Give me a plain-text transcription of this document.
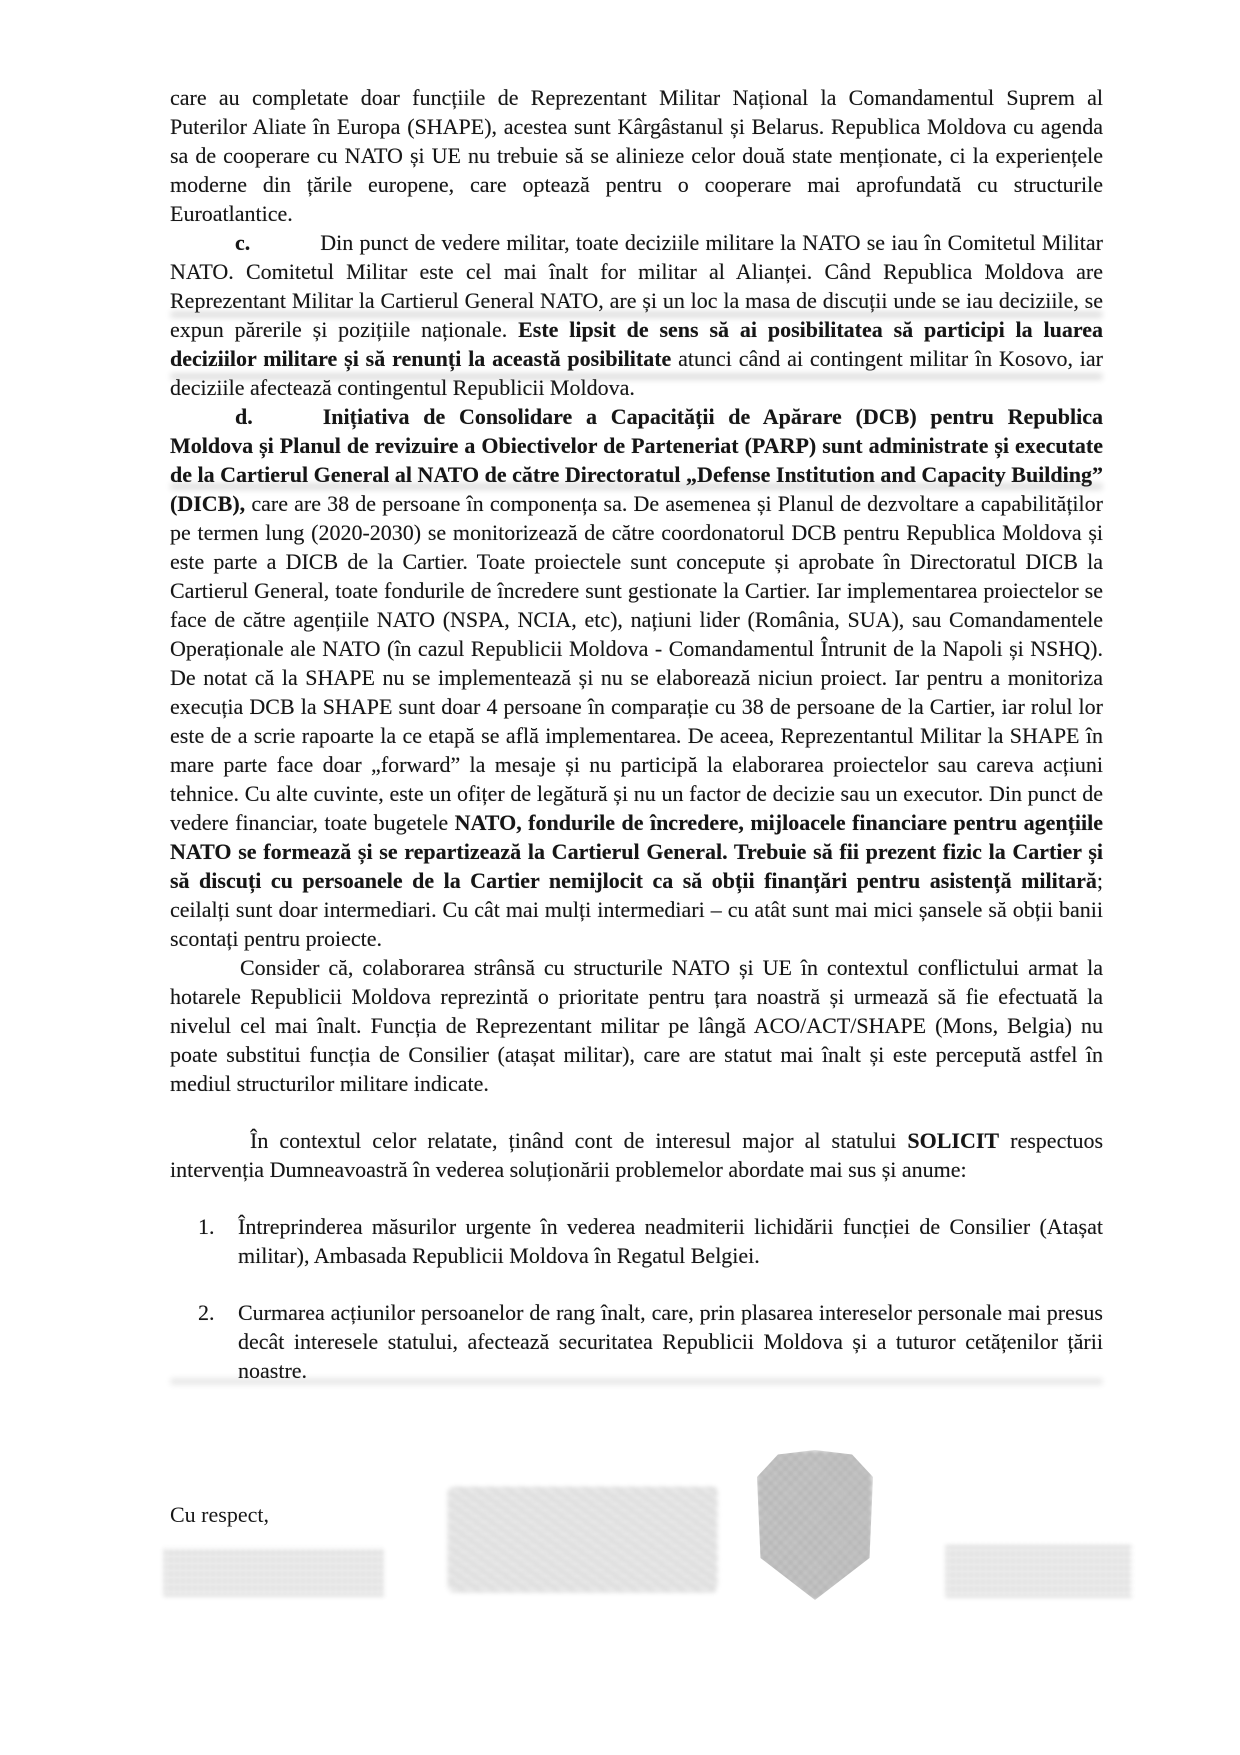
care au completate doar funcțiile de Reprezentant Militar Național la Comandamentul Suprem al Puterilor Aliate în Europa (SHAPE), acestea sunt Kârgâstanul și Belarus. Republica Moldova cu agenda sa de cooperare cu NATO și UE nu trebuie să se alinieze celor două state menționate, ci la experiențele moderne din țările europene, care optează pentru o cooperare mai aprofundată cu structurile Euroatlantice.
c.	Din punct de vedere militar, toate deciziile militare la NATO se iau în Comitetul Militar NATO. Comitetul Militar este cel mai înalt for militar al Alianței. Când Republica Moldova are Reprezentant Militar la Cartierul General NATO, are și un loc la masa de discuții unde se iau deciziile, se expun părerile și pozițiile naționale. Este lipsit de sens să ai posibilitatea să participi la luarea deciziilor militare și să renunți la această posibilitate atunci când ai contingent militar în Kosovo, iar deciziile afectează contingentul Republicii Moldova.
d.	Inițiativa de Consolidare a Capacității de Apărare (DCB) pentru Republica Moldova și Planul de revizuire a Obiectivelor de Parteneriat (PARP) sunt administrate și executate de la Cartierul General al NATO de către Directoratul „Defense Institution and Capacity Building” (DICB), care are 38 de persoane în componența sa. De asemenea și Planul de dezvoltare a capabilităților pe termen lung (2020-2030) se monitorizează de către coordonatorul DCB pentru Republica Moldova și este parte a DICB de la Cartier. Toate proiectele sunt concepute și aprobate în Directoratul DICB la Cartierul General, toate fondurile de încredere sunt gestionate la Cartier. Iar implementarea proiectelor se face de către agențiile NATO (NSPA, NCIA, etc), națiuni lider (România, SUA), sau Comandamentele Operaționale ale NATO (în cazul Republicii Moldova - Comandamentul Întrunit de la Napoli și NSHQ). De notat că la SHAPE nu se implementează și nu se elaborează niciun proiect. Iar pentru a monitoriza execuția DCB la SHAPE sunt doar 4 persoane în comparație cu 38 de persoane de la Cartier, iar rolul lor este de a scrie rapoarte la ce etapă se află implementarea. De aceea, Reprezentantul Militar la SHAPE în mare parte face doar „forward” la mesaje și nu participă la elaborarea proiectelor sau careva acțiuni tehnice. Cu alte cuvinte, este un ofițer de legătură și nu un factor de decizie sau un executor. Din punct de vedere financiar, toate bugetele NATO, fondurile de încredere, mijloacele financiare pentru agențiile NATO se formează și se repartizează la Cartierul General. Trebuie să fii prezent fizic la Cartier și să discuți cu persoanele de la Cartier nemijlocit ca să obții finanțări pentru asistență militară; ceilalți sunt doar intermediari. Cu cât mai mulți intermediari – cu atât sunt mai mici șansele să obții banii scontați pentru proiecte.
Consider că, colaborarea strânsă cu structurile NATO și UE în contextul conflictului armat la hotarele Republicii Moldova reprezintă o prioritate pentru țara noastră și urmează să fie efectuată la nivelul cel mai înalt. Funcția de Reprezentant militar pe lângă ACO/ACT/SHAPE (Mons, Belgia) nu poate substitui funcția de Consilier (atașat militar), care are statut mai înalt și este percepută astfel în mediul structurilor militare indicate.
În contextul celor relatate, ținând cont de interesul major al statului SOLICIT respectuos intervenția Dumneavoastră în vederea soluționării problemelor abordate mai sus și anume:
1. Întreprinderea măsurilor urgente în vederea neadmiterii lichidării funcției de Consilier (Atașat militar), Ambasada Republicii Moldova în Regatul Belgiei.
2. Curmarea acțiunilor persoanelor de rang înalt, care, prin plasarea intereselor personale mai presus decât interesele statului, afectează securitatea Republicii Moldova și a tuturor cetățenilor țării noastre.
Cu respect,
